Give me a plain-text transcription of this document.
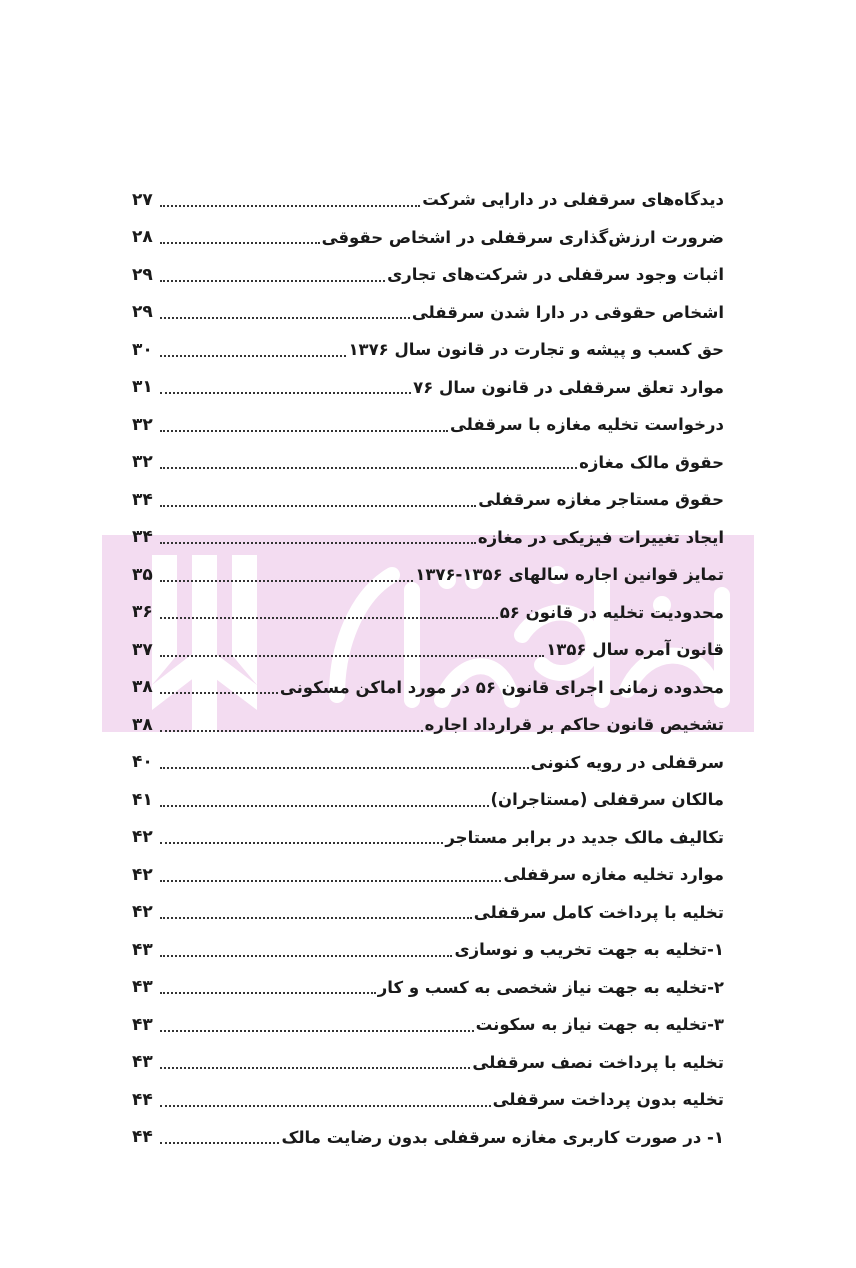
دیدگاه‌های سرقفلی در دارایی شرکت
۲۷
ضرورت ارزش‌گذاری سرقفلی در اشخاص حقوقی
۲۸
اثبات وجود سرقفلی در شرکت‌های تجاری
۲۹
اشخاص حقوقی در دارا شدن سرقفلی
۲۹
حق کسب و پیشه و تجارت در قانون سال ۱۳۷۶
۳۰
موارد تعلق سرقفلی در قانون سال ۷۶
۳۱
درخواست تخلیه مغازه با سرقفلی
۳۲
حقوق مالک مغازه
۳۲
حقوق مستاجر مغازه سرقفلی
۳۴
ایجاد تغییرات فیزیکی در مغازه
۳۴
تمایز قوانین اجاره سالهای ۱۳۵۶-۱۳۷۶
۳۵
محدودیت تخلیه در قانون ۵۶
۳۶
قانون آمره سال ۱۳۵۶
۳۷
محدوده زمانی اجرای قانون ۵۶ در مورد اماکن مسکونی
۳۸
تشخیص قانون حاکم بر قرارداد اجاره
۳۸
سرقفلی در رویه کنونی
۴۰
مالکان سرقفلی (مستاجران)
۴۱
تکالیف مالک جدید در برابر مستاجر
۴۲
موارد تخلیه مغازه سرقفلی
۴۲
تخلیه با پرداخت کامل سرقفلی
۴۲
۱-تخلیه به جهت تخریب و نوسازی
۴۳
۲-تخلیه به جهت نیاز شخصی به کسب و کار
۴۳
۳-تخلیه به جهت نیاز به سکونت
۴۳
تخلیه با پرداخت نصف سرقفلی
۴۳
تخلیه بدون پرداخت سرقفلی
۴۴
۱- در صورت کاربری مغازه سرقفلی بدون رضایت مالک
۴۴
